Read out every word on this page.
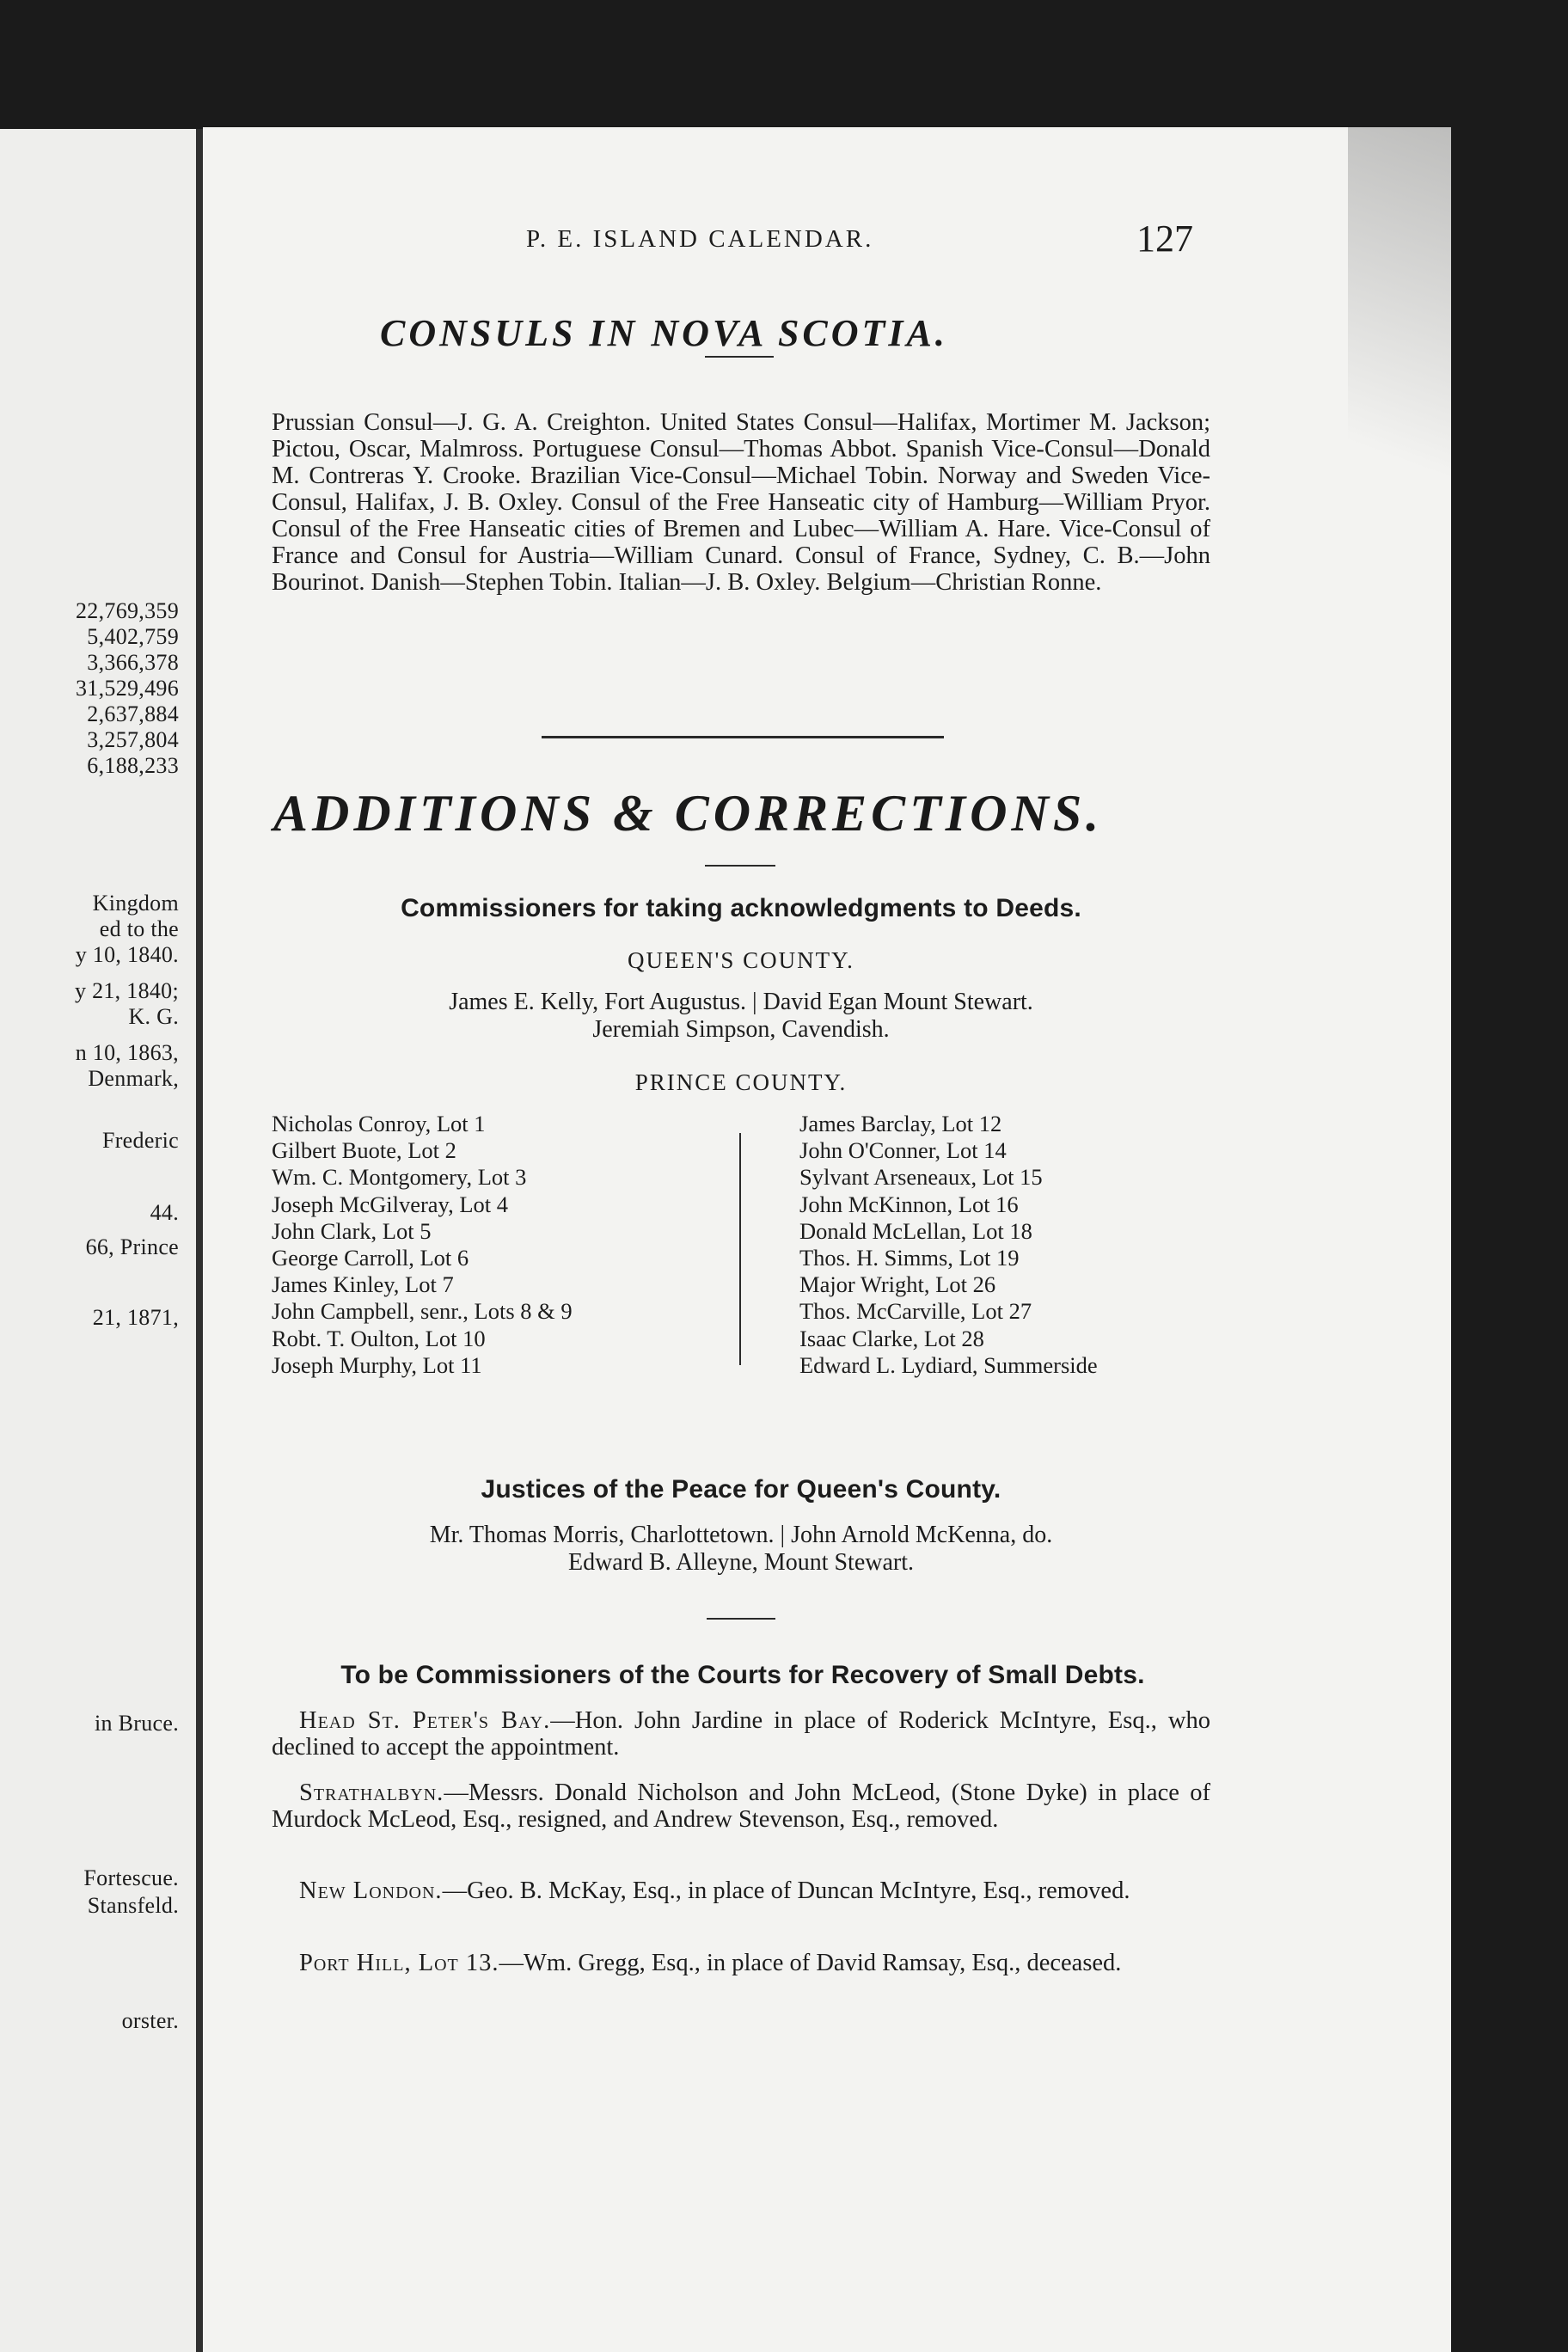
22,769,359
5,402,759
3,366,378
31,529,496
2,637,884
3,257,804
6,188,233
Kingdom
ed to the
y 10, 1840.
y 21, 1840;
K. G.
n 10, 1863,
Denmark,
Frederic
44.
66, Prince
21, 1871,
in Bruce.
Fortescue.
Stansfeld.
orster.
P. E. ISLAND CALENDAR.	127
CONSULS IN NOVA SCOTIA.
Prussian Consul—J. G. A. Creighton. United States Consul—Halifax, Mortimer M. Jackson; Pictou, Oscar, Malmross. Portuguese Consul—Thomas Abbot. Spanish Vice-Consul—Donald M. Contreras Y. Crooke. Brazilian Vice-Consul—Michael Tobin. Norway and Sweden Vice-Consul, Halifax, J. B. Oxley. Consul of the Free Hanseatic city of Hamburg—William Pryor. Consul of the Free Hanseatic cities of Bremen and Lubec—William A. Hare. Vice-Consul of France and Consul for Austria—William Cunard. Consul of France, Sydney, C. B.—John Bourinot. Danish—Stephen Tobin. Italian—J. B. Oxley. Belgium—Christian Ronne.
ADDITIONS & CORRECTIONS.
Commissioners for taking acknowledgments to Deeds.
QUEEN'S COUNTY.
James E. Kelly, Fort Augustus. | David Egan Mount Stewart.
Jeremiah Simpson, Cavendish.
PRINCE COUNTY.
Nicholas Conroy, Lot 1
Gilbert Buote, Lot 2
Wm. C. Montgomery, Lot 3
Joseph McGilveray, Lot 4
John Clark, Lot 5
George Carroll, Lot 6
James Kinley, Lot 7
John Campbell, senr., Lots 8 & 9
Robt. T. Oulton, Lot 10
Joseph Murphy, Lot 11
James Barclay, Lot 12
John O'Conner, Lot 14
Sylvant Arseneaux, Lot 15
John McKinnon, Lot 16
Donald McLellan, Lot 18
Thos. H. Simms, Lot 19
Major Wright, Lot 26
Thos. McCarville, Lot 27
Isaac Clarke, Lot 28
Edward L. Lydiard, Summerside
Justices of the Peace for Queen's County.
Mr. Thomas Morris, Charlottetown. | John Arnold McKenna, do.
Edward B. Alleyne, Mount Stewart.
To be Commissioners of the Courts for Recovery of Small Debts.
Head St. Peter's Bay.—Hon. John Jardine in place of Roderick McIntyre, Esq., who declined to accept the appointment.
Strathalbyn.—Messrs. Donald Nicholson and John McLeod, (Stone Dyke) in place of Murdock McLeod, Esq., resigned, and Andrew Stevenson, Esq., removed.
New London.—Geo. B. McKay, Esq., in place of Duncan McIntyre, Esq., removed.
Port Hill, Lot 13.—Wm. Gregg, Esq., in place of David Ramsay, Esq., deceased.
